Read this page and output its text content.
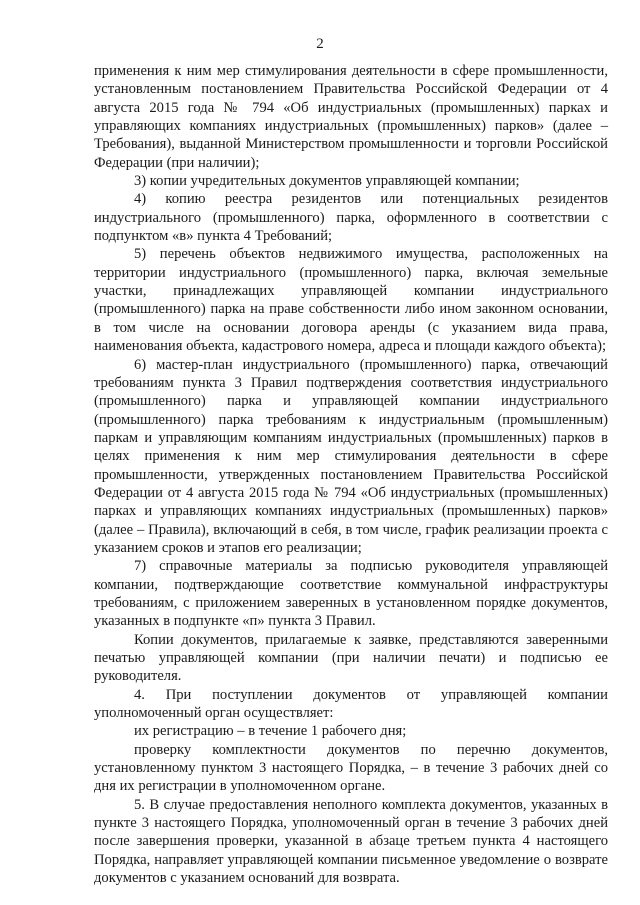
2

применения к ним мер стимулирования деятельности в сфере промышленности, установленным постановлением Правительства Российской Федерации от 4 августа 2015 года № 794 «Об индустриальных (промышленных) парках и управляющих компаниях индустриальных (промышленных) парков» (далее – Требования), выданной Министерством промышленности и торговли Российской Федерации (при наличии);

3) копии учредительных документов управляющей компании;

4) копию реестра резидентов или потенциальных резидентов индустриального (промышленного) парка, оформленного в соответствии с подпунктом «в» пункта 4 Требований;

5) перечень объектов недвижимого имущества, расположенных на территории индустриального (промышленного) парка, включая земельные участки, принадлежащих управляющей компании индустриального (промышленного) парка на праве собственности либо ином законном основании, в том числе на основании договора аренды (с указанием вида права, наименования объекта, кадастрового номера, адреса и площади каждого объекта);

6) мастер-план индустриального (промышленного) парка, отвечающий требованиям пункта 3 Правил подтверждения соответствия индустриального (промышленного) парка и управляющей компании индустриального (промышленного) парка требованиям к индустриальным (промышленным) паркам и управляющим компаниям индустриальных (промышленных) парков в целях применения к ним мер стимулирования деятельности в сфере промышленности, утвержденных постановлением Правительства Российской Федерации от 4 августа 2015 года № 794 «Об индустриальных (промышленных) парках и управляющих компаниях индустриальных (промышленных) парков» (далее – Правила), включающий в себя, в том числе, график реализации проекта с указанием сроков и этапов его реализации;

7) справочные материалы за подписью руководителя управляющей компании, подтверждающие соответствие коммунальной инфраструктуры требованиям, с приложением заверенных в установленном порядке документов, указанных в подпункте «п» пункта 3 Правил.

Копии документов, прилагаемые к заявке, представляются заверенными печатью управляющей компании (при наличии печати) и подписью ее руководителя.

4. При поступлении документов от управляющей компании уполномоченный орган осуществляет:

их регистрацию – в течение 1 рабочего дня;

проверку комплектности документов по перечню документов, установленному пунктом 3 настоящего Порядка, – в течение 3 рабочих дней со дня их регистрации в уполномоченном органе.

5. В случае предоставления неполного комплекта документов, указанных в пункте 3 настоящего Порядка, уполномоченный орган в течение 3 рабочих дней после завершения проверки, указанной в абзаце третьем пункта 4 настоящего Порядка, направляет управляющей компании письменное уведомление о возврате документов с указанием оснований для возврата.
